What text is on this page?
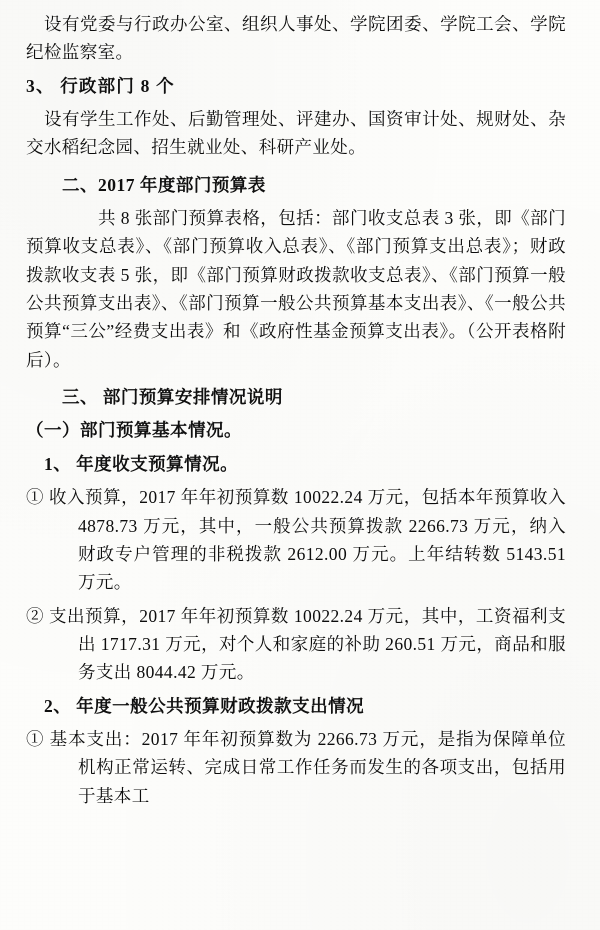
设有党委与行政办公室、组织人事处、学院团委、学院工会、学院纪检监察室。

3、 行政部门 8 个

设有学生工作处、后勤管理处、评建办、国资审计处、规财处、杂交水稻纪念园、招生就业处、科研产业处。

二、2017 年度部门预算表

共 8 张部门预算表格，包括：部门收支总表 3 张，即《部门预算收支总表》、《部门预算收入总表》、《部门预算支出总表》；财政拨款收支表 5 张，即《部门预算财政拨款收支总表》、《部门预算一般公共预算支出表》、《部门预算一般公共预算基本支出表》、《一般公共预算“三公”经费支出表》和《政府性基金预算支出表》。（公开表格附后）。

三、 部门预算安排情况说明

（一）部门预算基本情况。

1、 年度收支预算情况。

① 收入预算，2017 年年初预算数 10022.24 万元，包括本年预算收入 4878.73 万元，其中，一般公共预算拨款 2266.73 万元，纳入财政专户管理的非税拨款 2612.00 万元。上年结转数 5143.51 万元。

② 支出预算，2017 年年初预算数 10022.24 万元，其中，工资福利支出 1717.31 万元，对个人和家庭的补助 260.51 万元，商品和服务支出 8044.42 万元。

2、 年度一般公共预算财政拨款支出情况

① 基本支出：2017 年年初预算数为 2266.73 万元，是指为保障单位机构正常运转、完成日常工作任务而发生的各项支出，包括用于基本工
